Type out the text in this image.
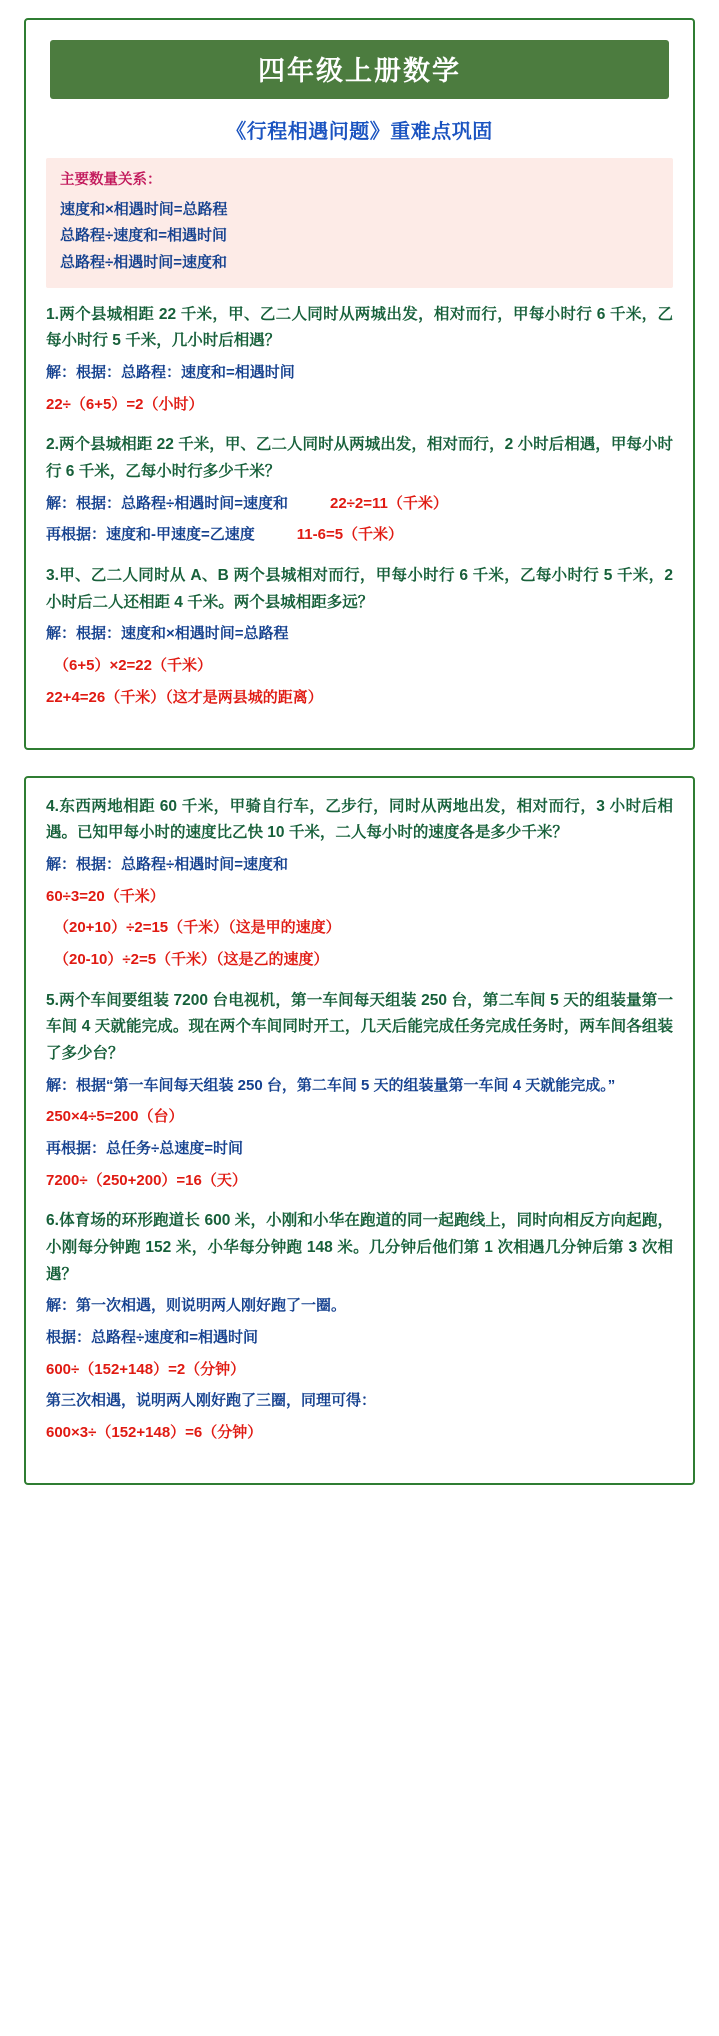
四年级上册数学
《行程相遇问题》重难点巩固
主要数量关系：
速度和×相遇时间=总路程
总路程÷速度和=相遇时间
总路程÷相遇时间=速度和
1.两个县城相距 22 千米，甲、乙二人同时从两城出发，相对而行，甲每小时行 6 千米，乙每小时行 5 千米，几小时后相遇？
解：根据：总路程：速度和=相遇时间
22÷（6+5）=2（小时）
2.两个县城相距 22 千米，甲、乙二人同时从两城出发，相对而行，2 小时后相遇，甲每小时行 6 千米，乙每小时行多少千米？
解：根据：总路程÷相遇时间=速度和	22÷2=11（千米）
再根据：速度和-甲速度=乙速度	11-6=5（千米）
3.甲、乙二人同时从 A、B 两个县城相对而行，甲每小时行 6 千米，乙每小时行 5 千米，2 小时后二人还相距 4 千米。两个县城相距多远？
解：根据：速度和×相遇时间=总路程
（6+5）×2=22（千米）
22+4=26（千米）（这才是两县城的距离）
4.东西两地相距 60 千米，甲骑自行车，乙步行，同时从两地出发，相对而行，3 小时后相遇。已知甲每小时的速度比乙快 10 千米，二人每小时的速度各是多少千米？
解：根据：总路程÷相遇时间=速度和
60÷3=20（千米）
（20+10）÷2=15（千米）（这是甲的速度）
（20-10）÷2=5（千米）（这是乙的速度）
5.两个车间要组装 7200 台电视机，第一车间每天组装 250 台，第二车间 5 天的组装量第一车间 4 天就能完成。现在两个车间同时开工，几天后能完成任务完成任务时，两车间各组装了多少台？
解：根据“第一车间每天组装 250 台，第二车间 5 天的组装量第一车间 4 天就能完成。”
250×4÷5=200（台）
再根据：总任务÷总速度=时间
7200÷（250+200）=16（天）
6.体育场的环形跑道长 600 米，小刚和小华在跑道的同一起跑线上，同时向相反方向起跑，小刚每分钟跑 152 米，小华每分钟跑 148 米。几分钟后他们第 1 次相遇几分钟后第 3 次相遇？
解：第一次相遇，则说明两人刚好跑了一圈。
根据：总路程÷速度和=相遇时间
600÷（152+148）=2（分钟）
第三次相遇，说明两人刚好跑了三圈，同理可得：
600×3÷（152+148）=6（分钟）
